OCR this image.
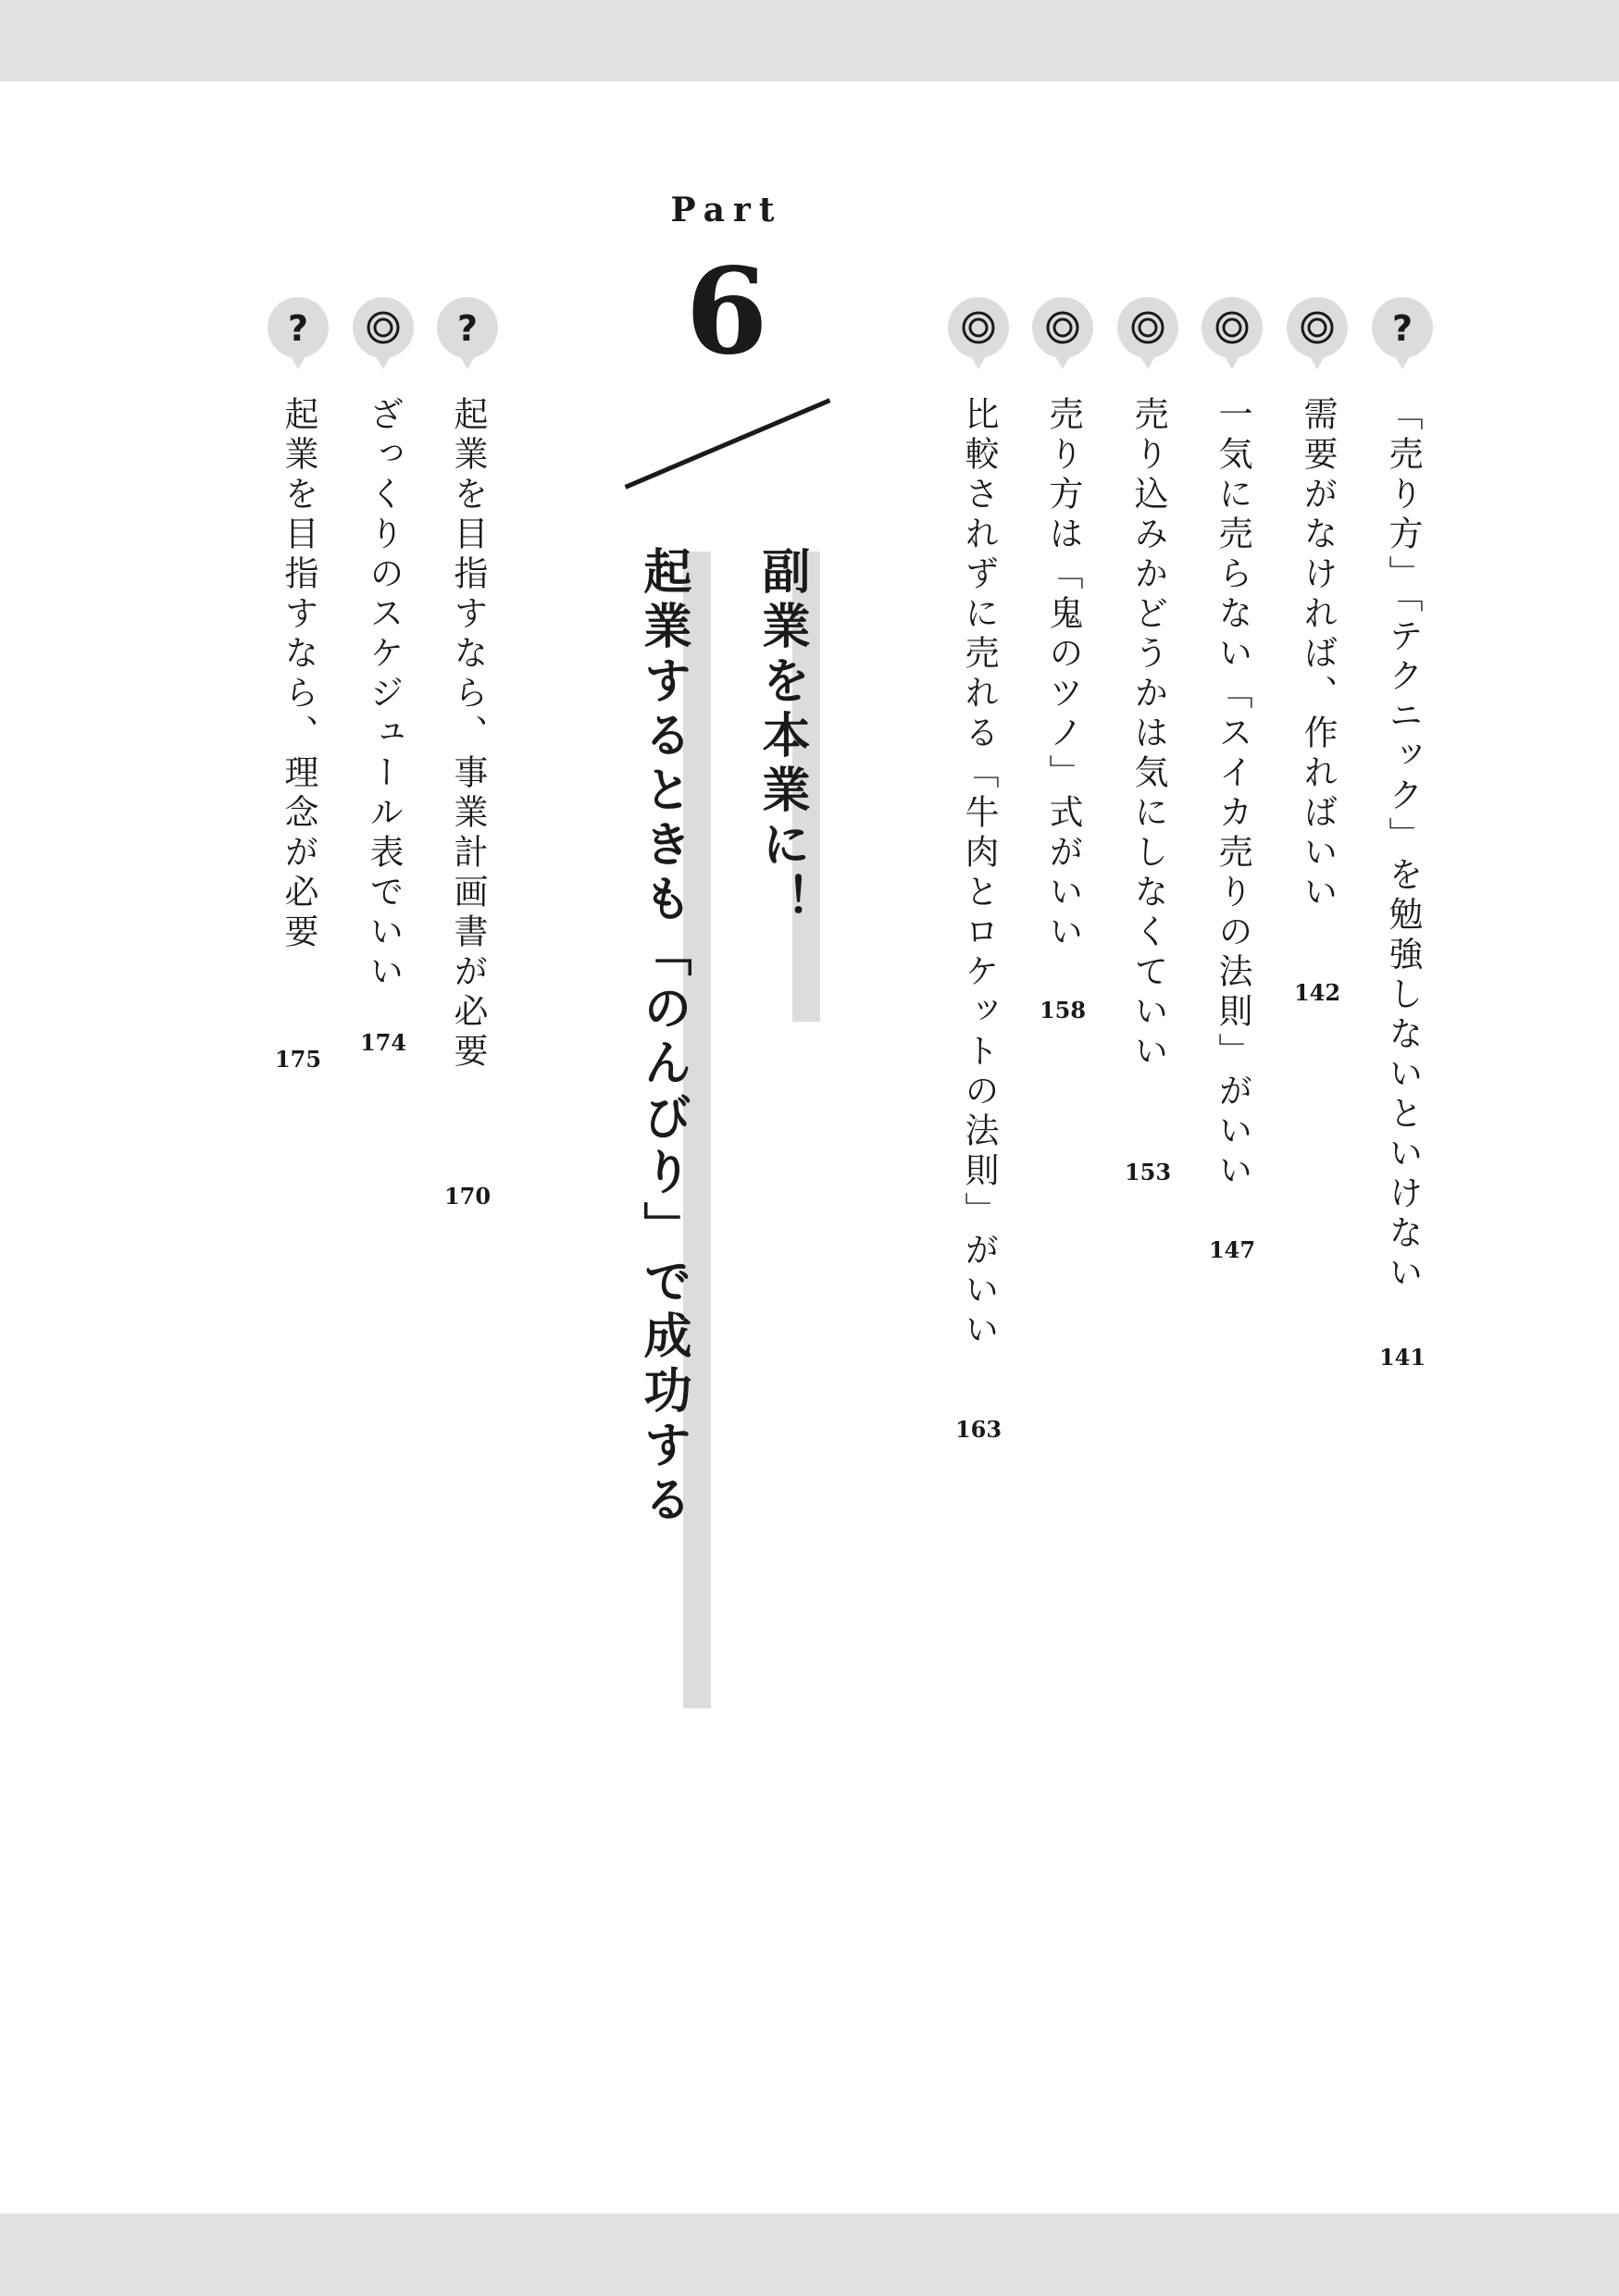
Part
6
副業を本業に！
起業するときも「のんびり」で成功する
?
「売り方」「テクニック」を勉強しないといけない
141
需要がなければ、作ればいい
142
一気に売らない「スイカ売りの法則」がいい
147
売り込みかどうかは気にしなくていい
153
売り方は「鬼のツノ」式がいい
158
比較されずに売れる「牛肉とロケットの法則」がいい
163
?
起業を目指すなら、事業計画書が必要
170
ざっくりのスケジュール表でいい
174
?
起業を目指すなら、理念が必要
175
